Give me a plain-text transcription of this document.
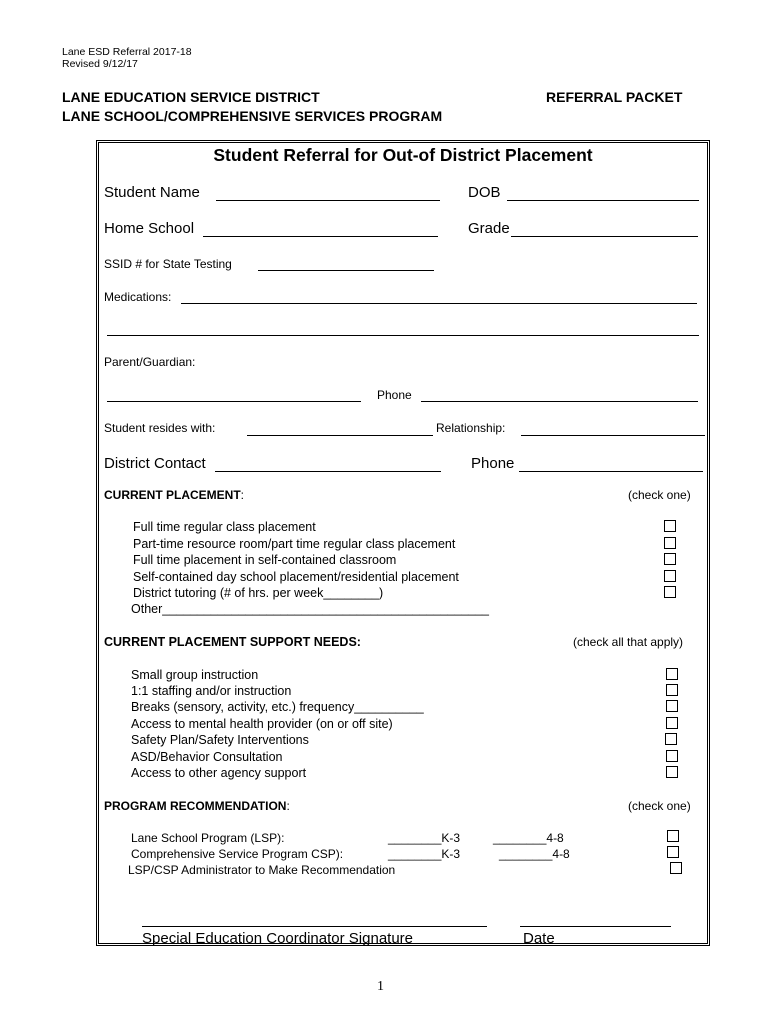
Lane ESD Referral 2017-18
Revised 9/12/17
LANE EDUCATION SERVICE DISTRICT
LANE SCHOOL/COMPREHENSIVE SERVICES PROGRAM
REFERRAL PACKET
Student Referral for Out-of District Placement
Student Name	DOB
Home School	Grade
SSID # for State Testing
Medications:
Parent/Guardian:
Phone
Student resides with:	Relationship:
District Contact	Phone
CURRENT PLACEMENT:	(check one)
Full time regular class placement
Part-time resource room/part time regular class placement
Full time placement in self-contained classroom
Self-contained day school placement/residential placement
District tutoring (# of hrs. per week________)
Other_______________________________________________
CURRENT PLACEMENT SUPPORT NEEDS:	(check all that apply)
Small group instruction
1:1 staffing and/or instruction
Breaks (sensory, activity, etc.) frequency__________
Access to mental health provider (on or off site)
Safety Plan/Safety Interventions
ASD/Behavior Consultation
Access to other agency support
PROGRAM RECOMMENDATION:	(check one)
Lane School Program (LSP):	________K-3	________4-8
Comprehensive Service Program CSP):	________K-3	________4-8
LSP/CSP Administrator to Make Recommendation
Special Education Coordinator Signature	Date
1
